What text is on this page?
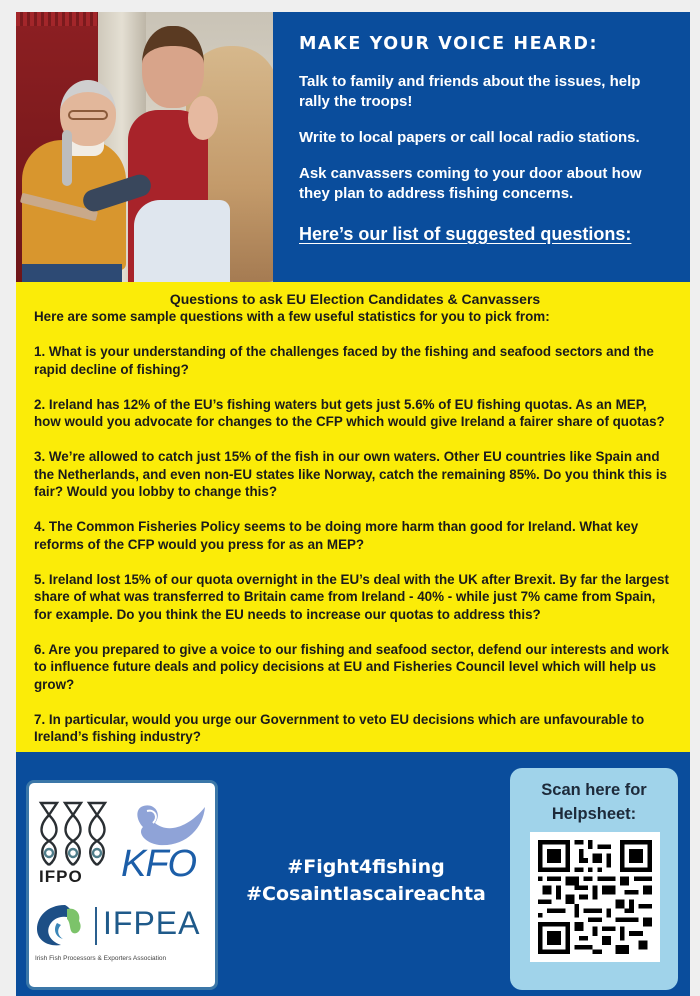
MAKE YOUR VOICE HEARD:

Talk to family and friends about the issues, help rally the troops!

Write to local papers or call local radio stations.

Ask canvassers coming to your door about how they plan to address fishing concerns.

Here’s our list of suggested questions:

Questions to ask EU Election Candidates & Canvassers

Here are some sample questions with a few useful statistics for you to pick from:

1. What is your understanding of the challenges faced by the fishing and seafood sectors and the rapid decline of fishing?
2. Ireland has 12% of the EU’s fishing waters but gets just 5.6% of EU fishing quotas. As an MEP, how would you advocate for changes to the CFP which would give Ireland a fairer share of quotas?
3. We’re allowed to catch just 15% of the fish in our own waters. Other EU countries like Spain and the Netherlands, and even non-EU states like Norway, catch the remaining 85%. Do you think this is fair? Would you lobby to change this?
4. The Common Fisheries Policy seems to be doing more harm than good for Ireland. What key reforms of the CFP would you press for as an MEP?
5. Ireland lost 15% of our quota overnight in the EU’s deal with the UK after Brexit. By far the largest share of what was transferred to Britain came from Ireland - 40% - while just 7% came from Spain, for example. Do you think the EU needs to increase our quotas to address this?
6. Are you prepared to give a voice to our fishing and seafood sector, defend our interests and work to influence future deals and policy decisions at EU and Fisheries Council level which will help us grow?
7. In particular, would you urge our Government to veto EU decisions which are unfavourable to Ireland’s fishing industry?
IFPO KFO
IFPEA
Irish Fish Processors & Exporters Association
#Fight4fishing
#CosaintIascaireachta
Scan here for
Helpsheet:
